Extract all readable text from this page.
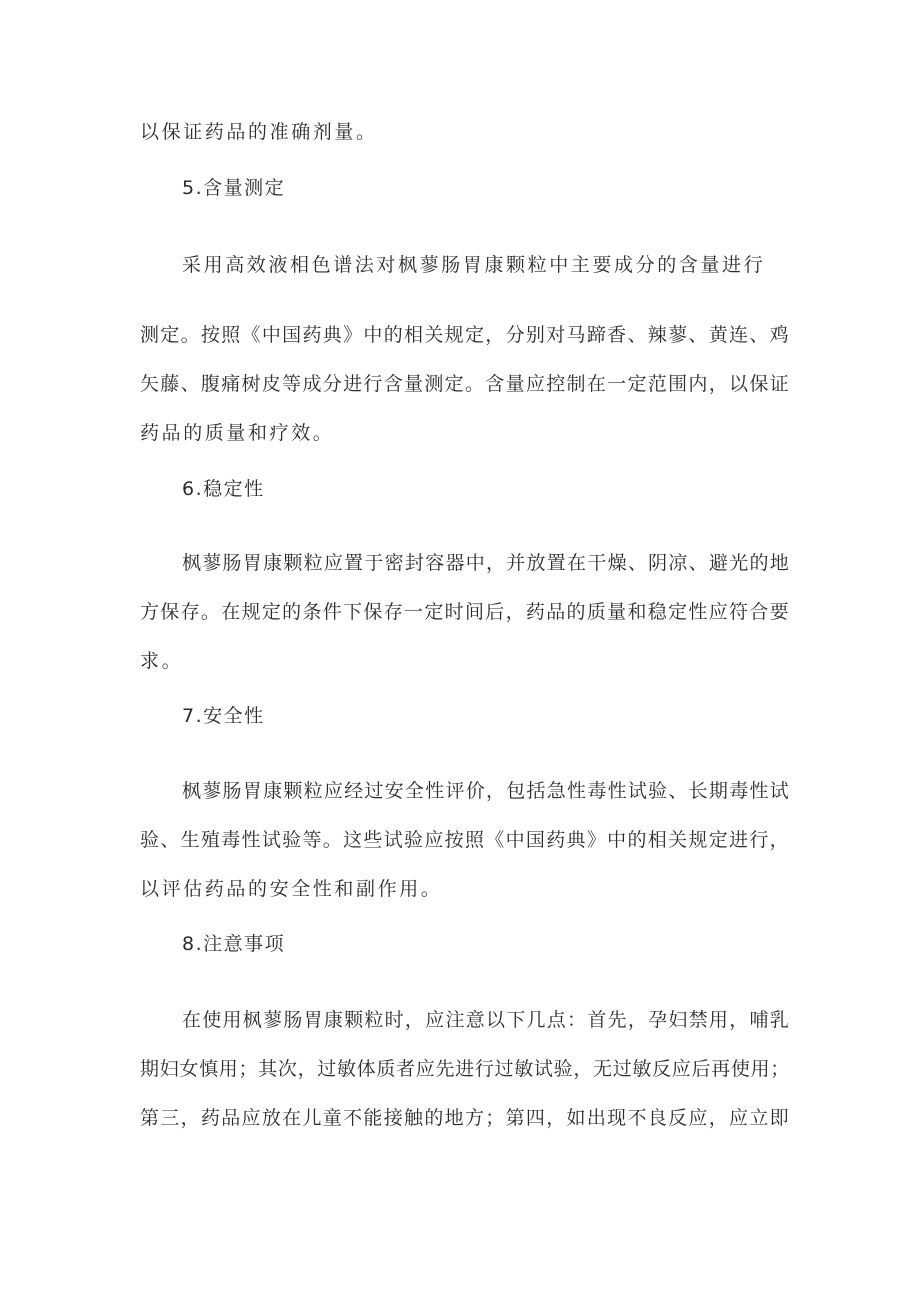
以保证药品的准确剂量。
5.含量测定
采用高效液相色谱法对枫蓼肠胃康颗粒中主要成分的含量进行
测定。按照《中国药典》中的相关规定，分别对马蹄香、辣蓼、黄连、鸡
矢藤、腹痛树皮等成分进行含量测定。含量应控制在一定范围内，以保证
药品的质量和疗效。
6.稳定性
枫蓼肠胃康颗粒应置于密封容器中，并放置在干燥、阴凉、避光的地
方保存。在规定的条件下保存一定时间后，药品的质量和稳定性应符合要
求。
7.安全性
枫蓼肠胃康颗粒应经过安全性评价，包括急性毒性试验、长期毒性试
验、生殖毒性试验等。这些试验应按照《中国药典》中的相关规定进行，
以评估药品的安全性和副作用。
8.注意事项
在使用枫蓼肠胃康颗粒时，应注意以下几点：首先，孕妇禁用，哺乳
期妇女慎用；其次，过敏体质者应先进行过敏试验，无过敏反应后再使用；
第三，药品应放在儿童不能接触的地方；第四，如出现不良反应，应立即
